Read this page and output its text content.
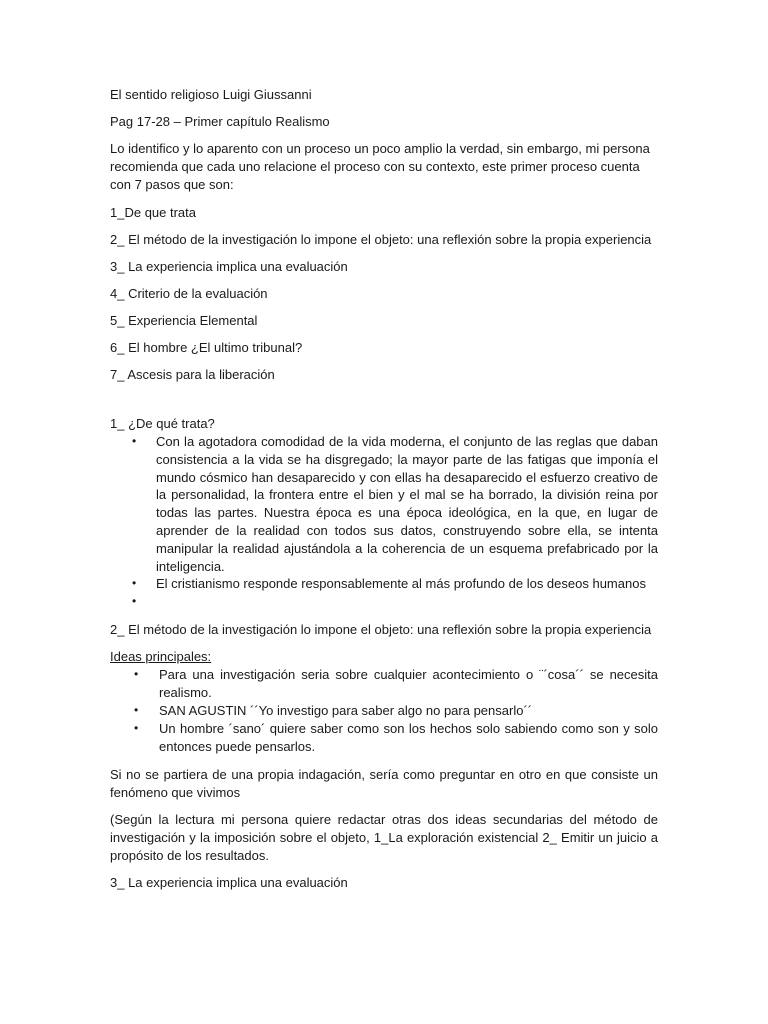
El sentido religioso Luigi Giussanni

Pag 17-28 – Primer capítulo Realismo

Lo identifico y lo aparento con un proceso un poco amplio la verdad, sin embargo, mi persona recomienda que cada uno relacione el proceso con su contexto, este primer proceso cuenta con 7 pasos que son:

1_De que trata

2_ El método de la investigación lo impone el objeto: una reflexión sobre la propia experiencia

3_ La experiencia implica una evaluación

4_ Criterio de la evaluación

5_ Experiencia Elemental

6_ El hombre ¿El ultimo tribunal?

7_ Ascesis para la liberación

1_ ¿De qué trata?

• Con la agotadora comodidad de la vida moderna, el conjunto de las reglas que daban consistencia a la vida se ha disgregado; la mayor parte de las fatigas que imponía el mundo cósmico han desaparecido y con ellas ha desaparecido el esfuerzo creativo de la personalidad, la frontera entre el bien y el mal se ha borrado, la división reina por todas las partes. Nuestra época es una época ideológica, en la que, en lugar de aprender de la realidad con todos sus datos, construyendo sobre ella, se intenta manipular la realidad ajustándola a la coherencia de un esquema prefabricado por la inteligencia.
• El cristianismo responde responsablemente al más profundo de los deseos humanos
•

2_ El método de la investigación lo impone el objeto: una reflexión sobre la propia experiencia

Ideas principales:

• Para una investigación seria sobre cualquier acontecimiento o ¨´cosa´´ se necesita realismo.
• SAN AGUSTIN ´´Yo investigo para saber algo no para pensarlo´´
• Un hombre ´sano´ quiere saber como son los hechos solo sabiendo como son y solo entonces puede pensarlos.

Si no se partiera de una propia indagación, sería como preguntar en otro en que consiste un fenómeno que vivimos

(Según la lectura mi persona quiere redactar otras dos ideas secundarias del método de investigación y la imposición sobre el objeto, 1_La exploración existencial 2_ Emitir un juicio a propósito de los resultados.

3_ La experiencia implica una evaluación
